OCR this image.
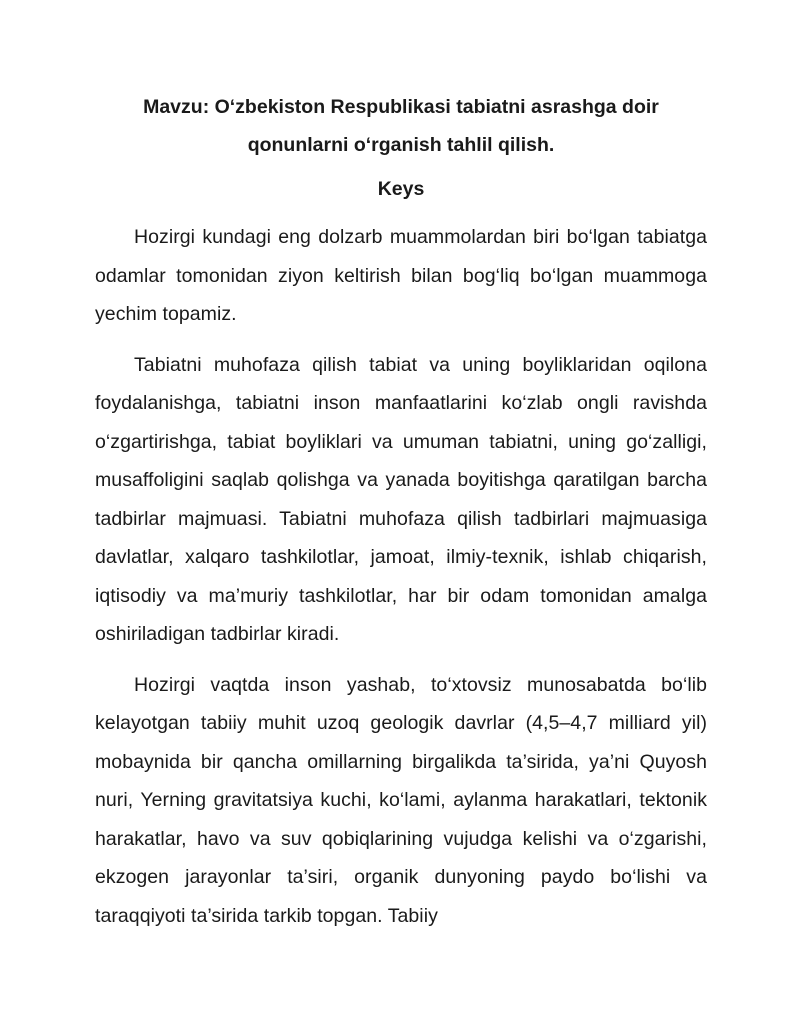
Mavzu: O‘zbekiston Respublikasi tabiatni asrashga doir qonunlarni o‘rganish tahlil qilish.

Keys

Hozirgi kundagi eng dolzarb muammolardan biri bo‘lgan tabiatga odamlar tomonidan ziyon keltirish bilan bog‘liq bo‘lgan muammoga yechim topamiz.

Tabiatni muhofaza qilish tabiat va uning boyliklaridan oqilona foydalanishga, tabiatni inson manfaatlarini ko‘zlab ongli ravishda o‘zgartirishga, tabiat boyliklari va umuman tabiatni, uning go‘zalligi, musaffoligini saqlab qolishga va yanada boyitishga qaratilgan barcha tadbirlar majmuasi. Tabiatni muhofaza qilish tadbirlari majmuasiga davlatlar, xalqaro tashkilotlar, jamoat, ilmiy-texnik, ishlab chiqarish, iqtisodiy va ma’muriy tashkilotlar, har bir odam tomonidan amalga oshiriladigan tadbirlar kiradi.

Hozirgi vaqtda inson yashab, to‘xtovsiz munosabatda bo‘lib kelayotgan tabiiy muhit uzoq geologik davrlar (4,5–4,7 milliard yil) mobaynida bir qancha omillarning birgalikda ta’sirida, ya’ni Quyosh nuri, Yerning gravitatsiya kuchi, ko‘lami, aylanma harakatlari, tektonik harakatlar, havo va suv qobiqlarining vujudga kelishi va o‘zgarishi, ekzogen jarayonlar ta’siri, organik dunyoning paydo bo‘lishi va taraqqiyoti ta’sirida tarkib topgan. Tabiiy
